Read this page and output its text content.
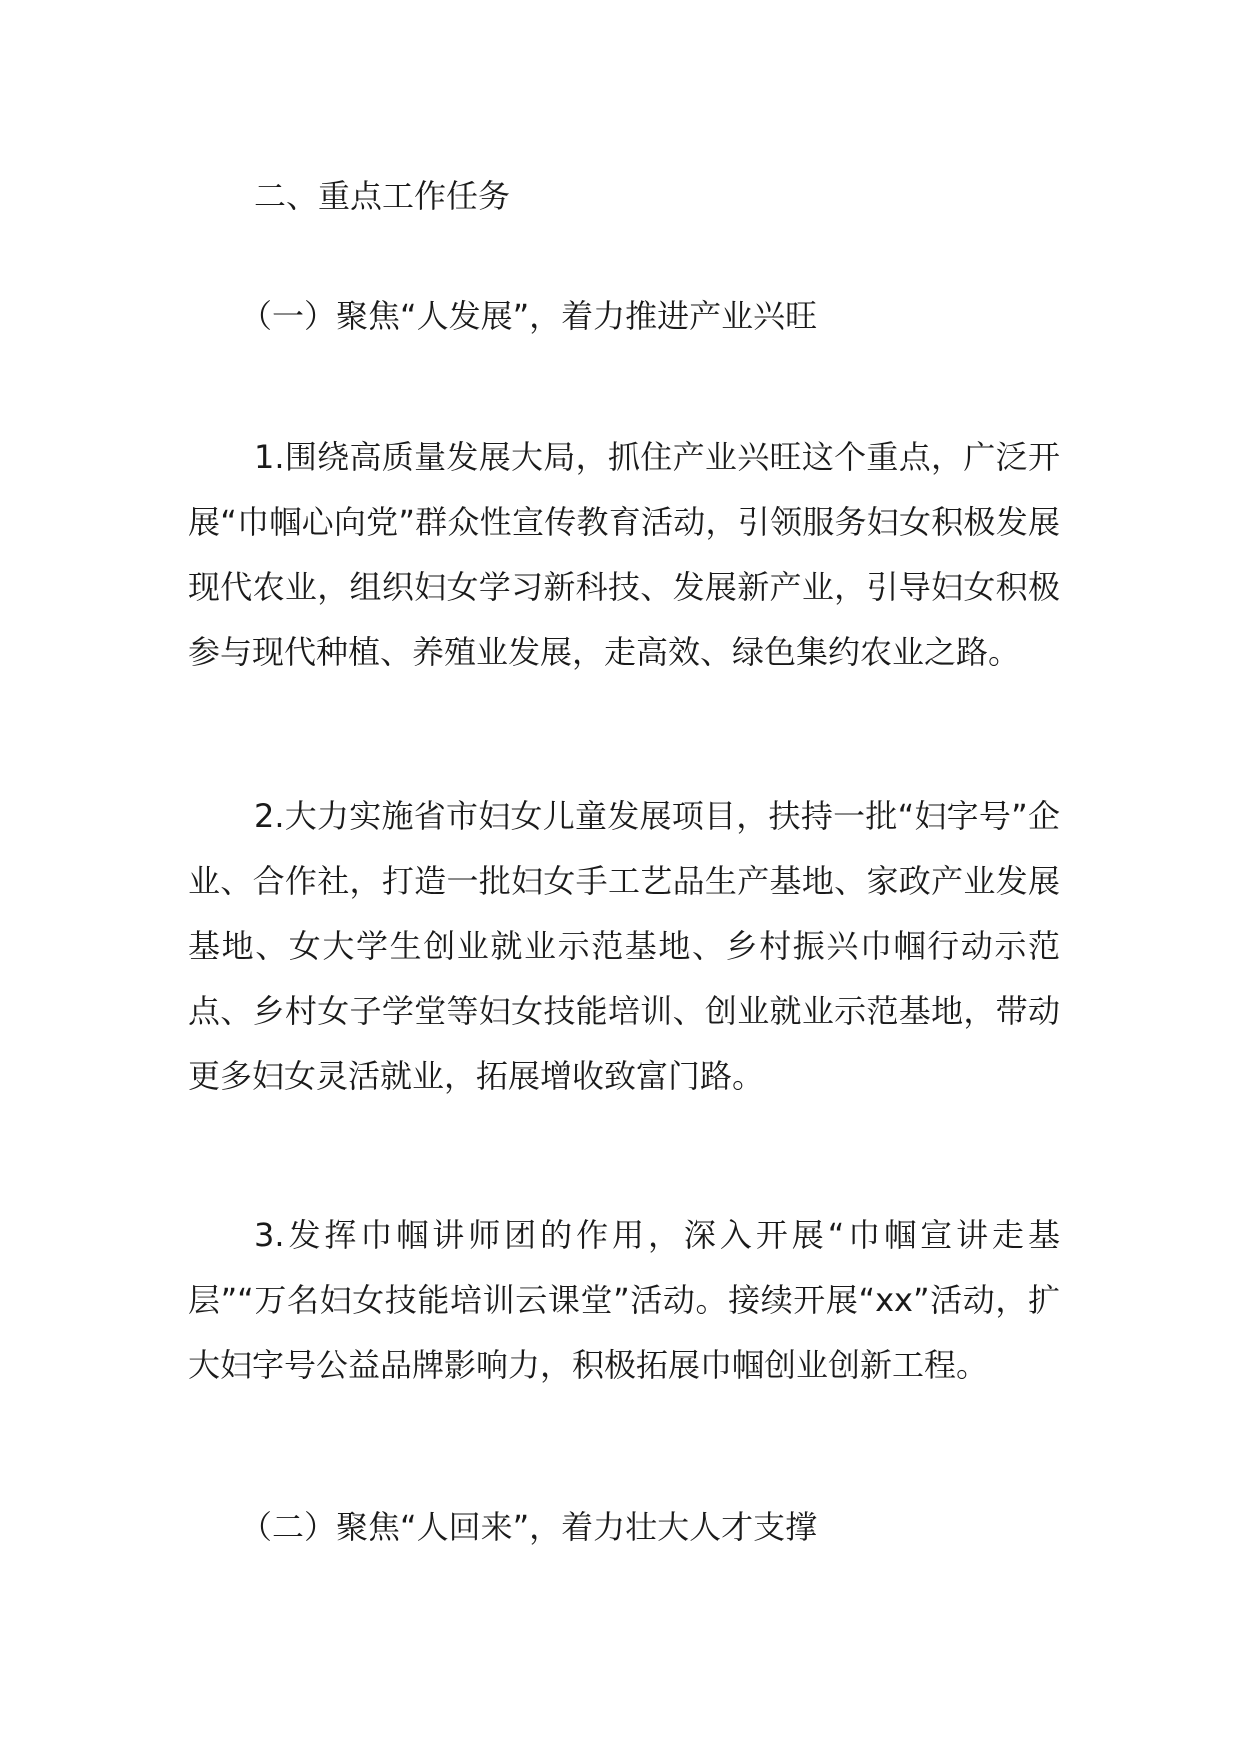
二、重点工作任务
（一）聚焦“人发展”，着力推进产业兴旺
1.围绕高质量发展大局，抓住产业兴旺这个重点，广泛开展“巾帼心向党”群众性宣传教育活动，引领服务妇女积极发展现代农业，组织妇女学习新科技、发展新产业，引导妇女积极参与现代种植、养殖业发展，走高效、绿色集约农业之路。
2.大力实施省市妇女儿童发展项目，扶持一批“妇字号”企业、合作社，打造一批妇女手工艺品生产基地、家政产业发展基地、女大学生创业就业示范基地、乡村振兴巾帼行动示范点、乡村女子学堂等妇女技能培训、创业就业示范基地，带动更多妇女灵活就业，拓展增收致富门路。
3.发挥巾帼讲师团的作用，深入开展“巾帼宣讲走基层”“万名妇女技能培训云课堂”活动。接续开展“xx”活动，扩大妇字号公益品牌影响力，积极拓展巾帼创业创新工程。
（二）聚焦“人回来”，着力壮大人才支撑
